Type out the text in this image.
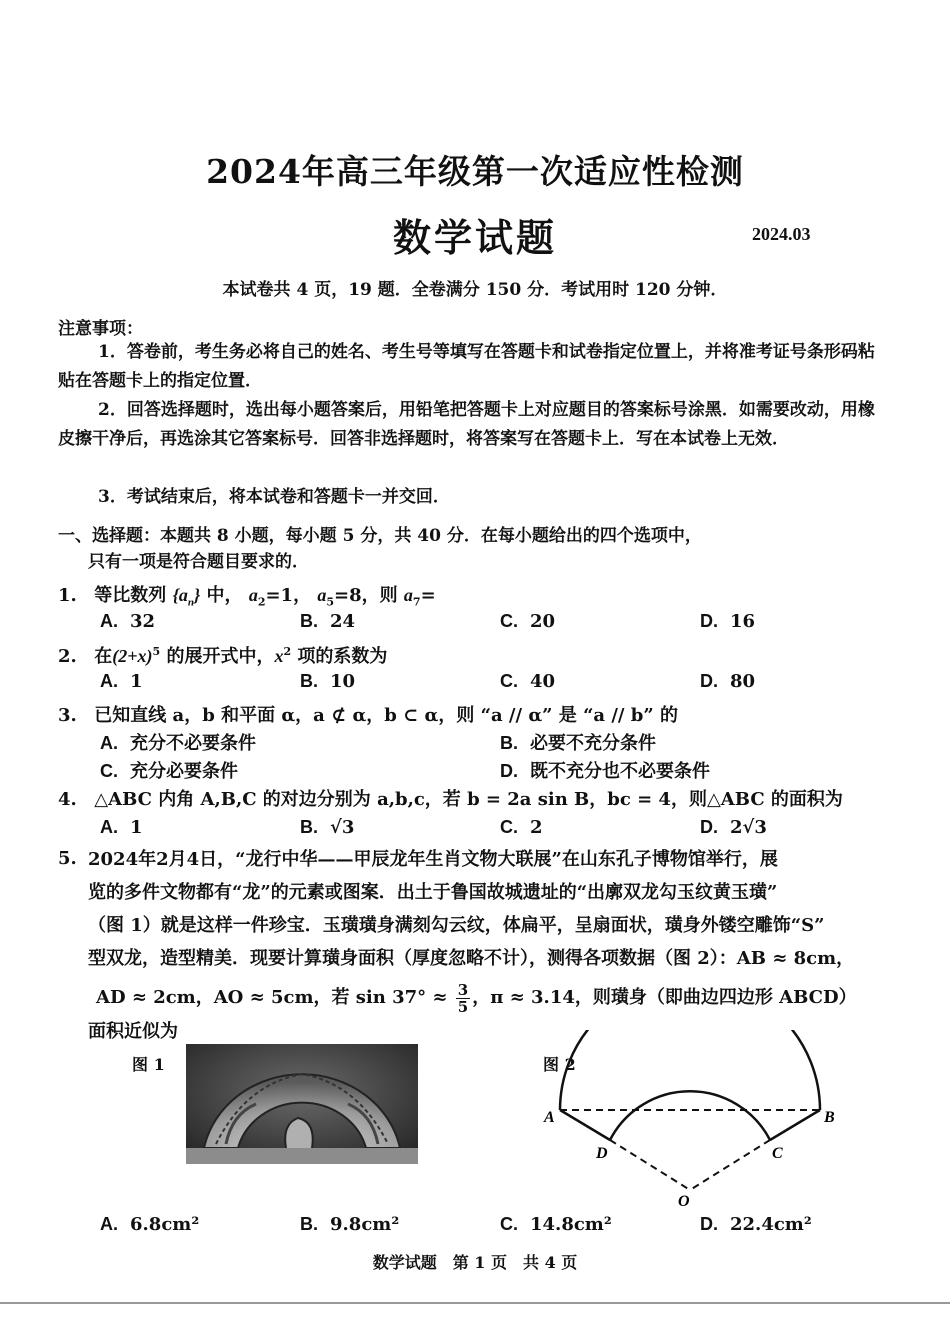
2024年高三年级第一次适应性检测
数学试题	2024.03
本试卷共 4 页，19 题．全卷满分 150 分．考试用时 120 分钟．
注意事项：
1．答卷前，考生务必将自己的姓名、考生号等填写在答题卡和试卷指定位置上，并将准考证号条形码粘贴在答题卡上的指定位置．
2．回答选择题时，选出每小题答案后，用铅笔把答题卡上对应题目的答案标号涂黑．如需要改动，用橡皮擦干净后，再选涂其它答案标号．回答非选择题时，将答案写在答题卡上．写在本试卷上无效．
3．考试结束后，将本试卷和答题卡一并交回．
一、选择题：本题共 8 小题，每小题 5 分，共 40 分．在每小题给出的四个选项中，
只有一项是符合题目要求的．
1. 等比数列 $\{a_n\}$ 中， $a_2=1$， $a_5=8$，则 $a_7=$
A. 32	B. 24	C. 20	D. 16
2. 在$(2+x)^5$ 的展开式中，$x^2$ 项的系数为
A. 1	B. 10	C. 40	D. 80
3. 已知直线 a，b 和平面 α，a ⊄ α，b ⊂ α，则 “a // α” 是 “a // b” 的
A. 充分不必要条件	B. 必要不充分条件
C. 充分必要条件	D. 既不充分也不必要条件
4. △ABC 内角 A,B,C 的对边分别为 a,b,c，若 b = 2a sin B，bc = 4，则△ABC 的面积为
A. 1	B. √3	C. 2	D. 2√3
5. 2024年2月4日，“龙行中华——甲辰龙年生肖文物大联展”在山东孔子博物馆举行，展
览的多件文物都有“龙”的元素或图案．出土于鲁国故城遗址的“出廓双龙勾玉纹黄玉璜”
（图 1）就是这样一件珍宝．玉璜璜身满刻勾云纹，体扁平，呈扇面状，璜身外镂空雕饰“S”
型双龙，造型精美．现要计算璜身面积（厚度忽略不计），测得各项数据（图 2）：AB ≈ 8cm，
AD ≈ 2cm，AO ≈ 5cm，若 $\sin 37^\circ \approx \frac{3}{5}$ ，π ≈ 3.14，则璜身（即曲边四边形 ABCD）
面积近似为
图 1	图 2
A	B
D	C
O
A. 6.8cm²	B. 9.8cm²	C. 14.8cm²	D. 22.4cm²
数学试题　第 1 页　共 4 页
